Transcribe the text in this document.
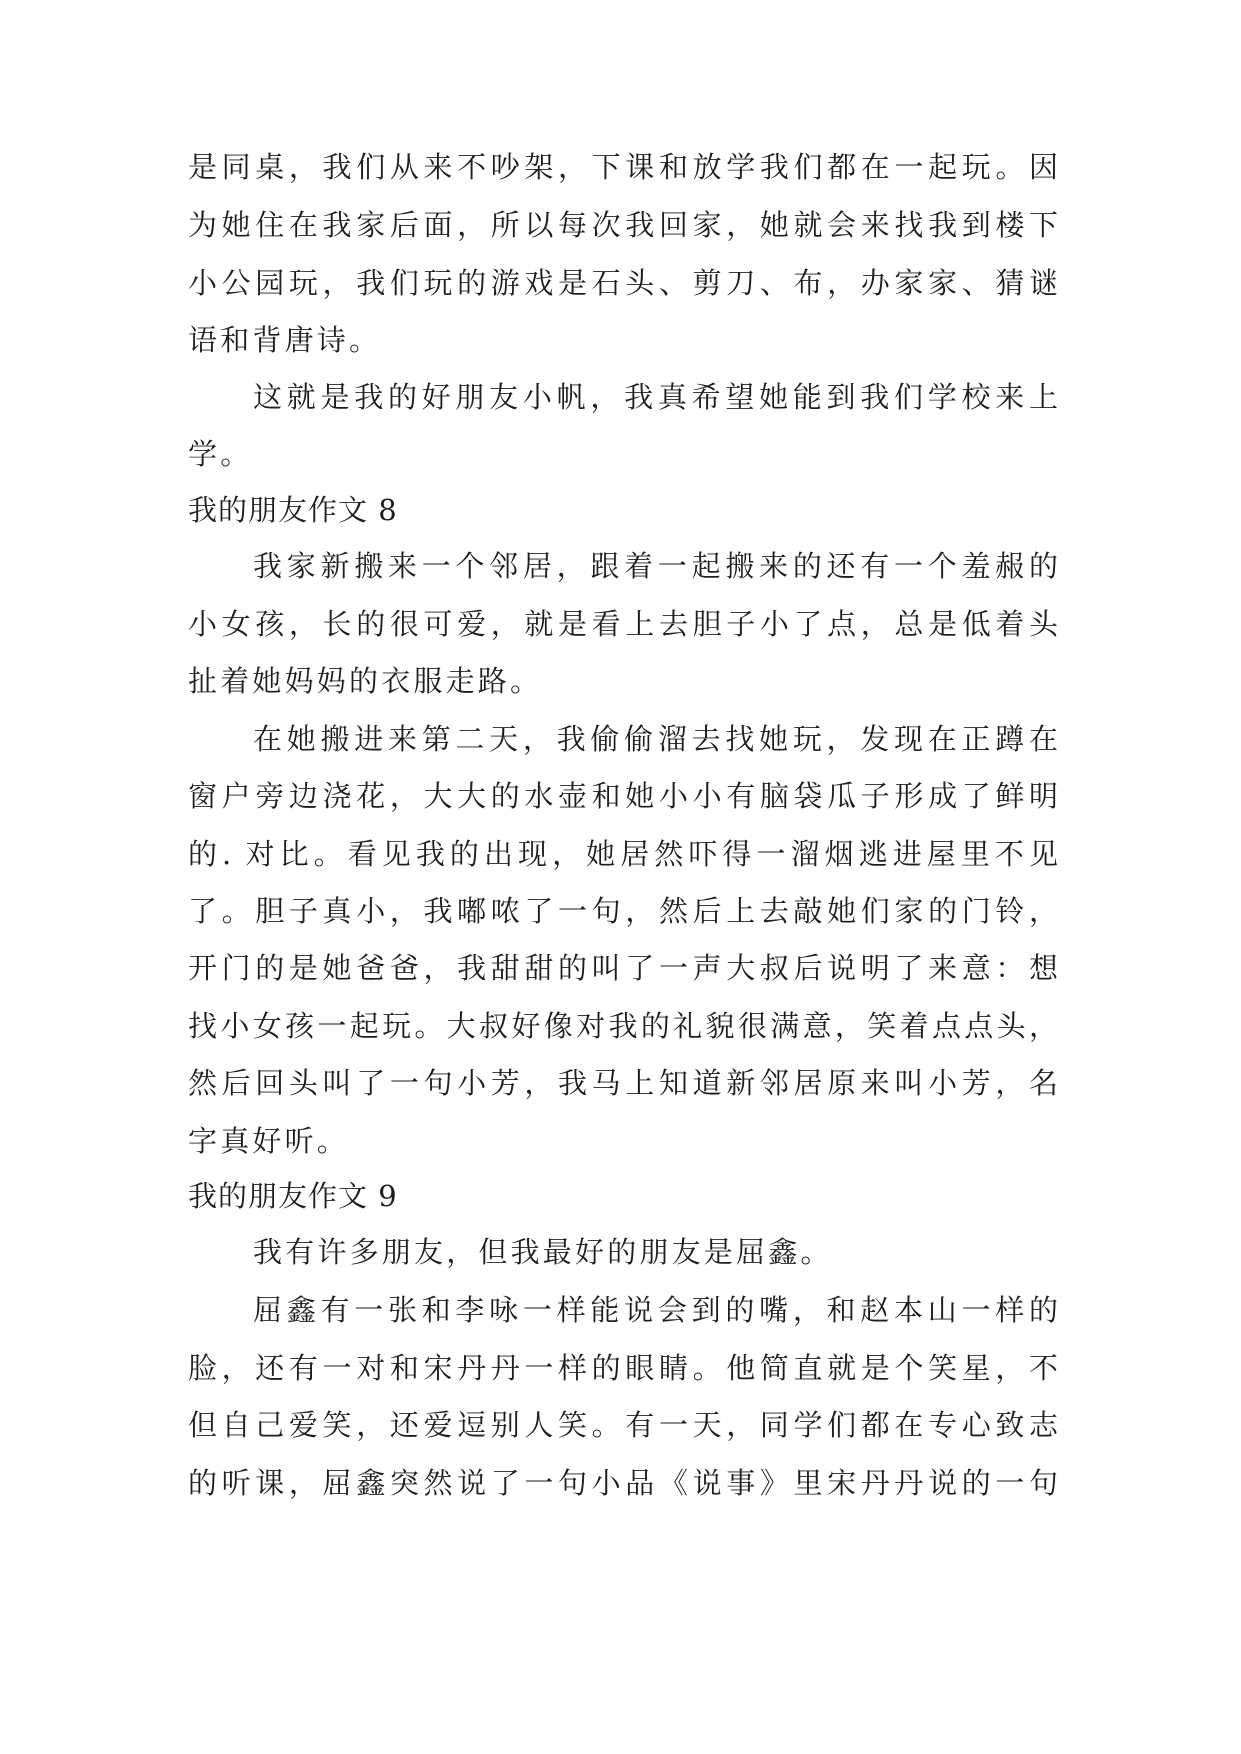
是同桌，我们从来不吵架，下课和放学我们都在一起玩。因
为她住在我家后面，所以每次我回家，她就会来找我到楼下
小公园玩，我们玩的游戏是石头、剪刀、布，办家家、猜谜
语和背唐诗。
这就是我的好朋友小帆，我真希望她能到我们学校来上
学。
我的朋友作文 8
我家新搬来一个邻居，跟着一起搬来的还有一个羞赧的
小女孩，长的很可爱，就是看上去胆子小了点，总是低着头
扯着她妈妈的衣服走路。
在她搬进来第二天，我偷偷溜去找她玩，发现在正蹲在
窗户旁边浇花，大大的水壶和她小小有脑袋瓜子形成了鲜明
的. 对比。看见我的出现，她居然吓得一溜烟逃进屋里不见
了。胆子真小，我嘟哝了一句，然后上去敲她们家的门铃，
开门的是她爸爸，我甜甜的叫了一声大叔后说明了来意：想
找小女孩一起玩。大叔好像对我的礼貌很满意，笑着点点头，
然后回头叫了一句小芳，我马上知道新邻居原来叫小芳，名
字真好听。
我的朋友作文 9
我有许多朋友，但我最好的朋友是屈鑫。
屈鑫有一张和李咏一样能说会到的嘴，和赵本山一样的
脸，还有一对和宋丹丹一样的眼睛。他简直就是个笑星，不
但自己爱笑，还爱逗别人笑。有一天，同学们都在专心致志
的听课，屈鑫突然说了一句小品《说事》里宋丹丹说的一句
